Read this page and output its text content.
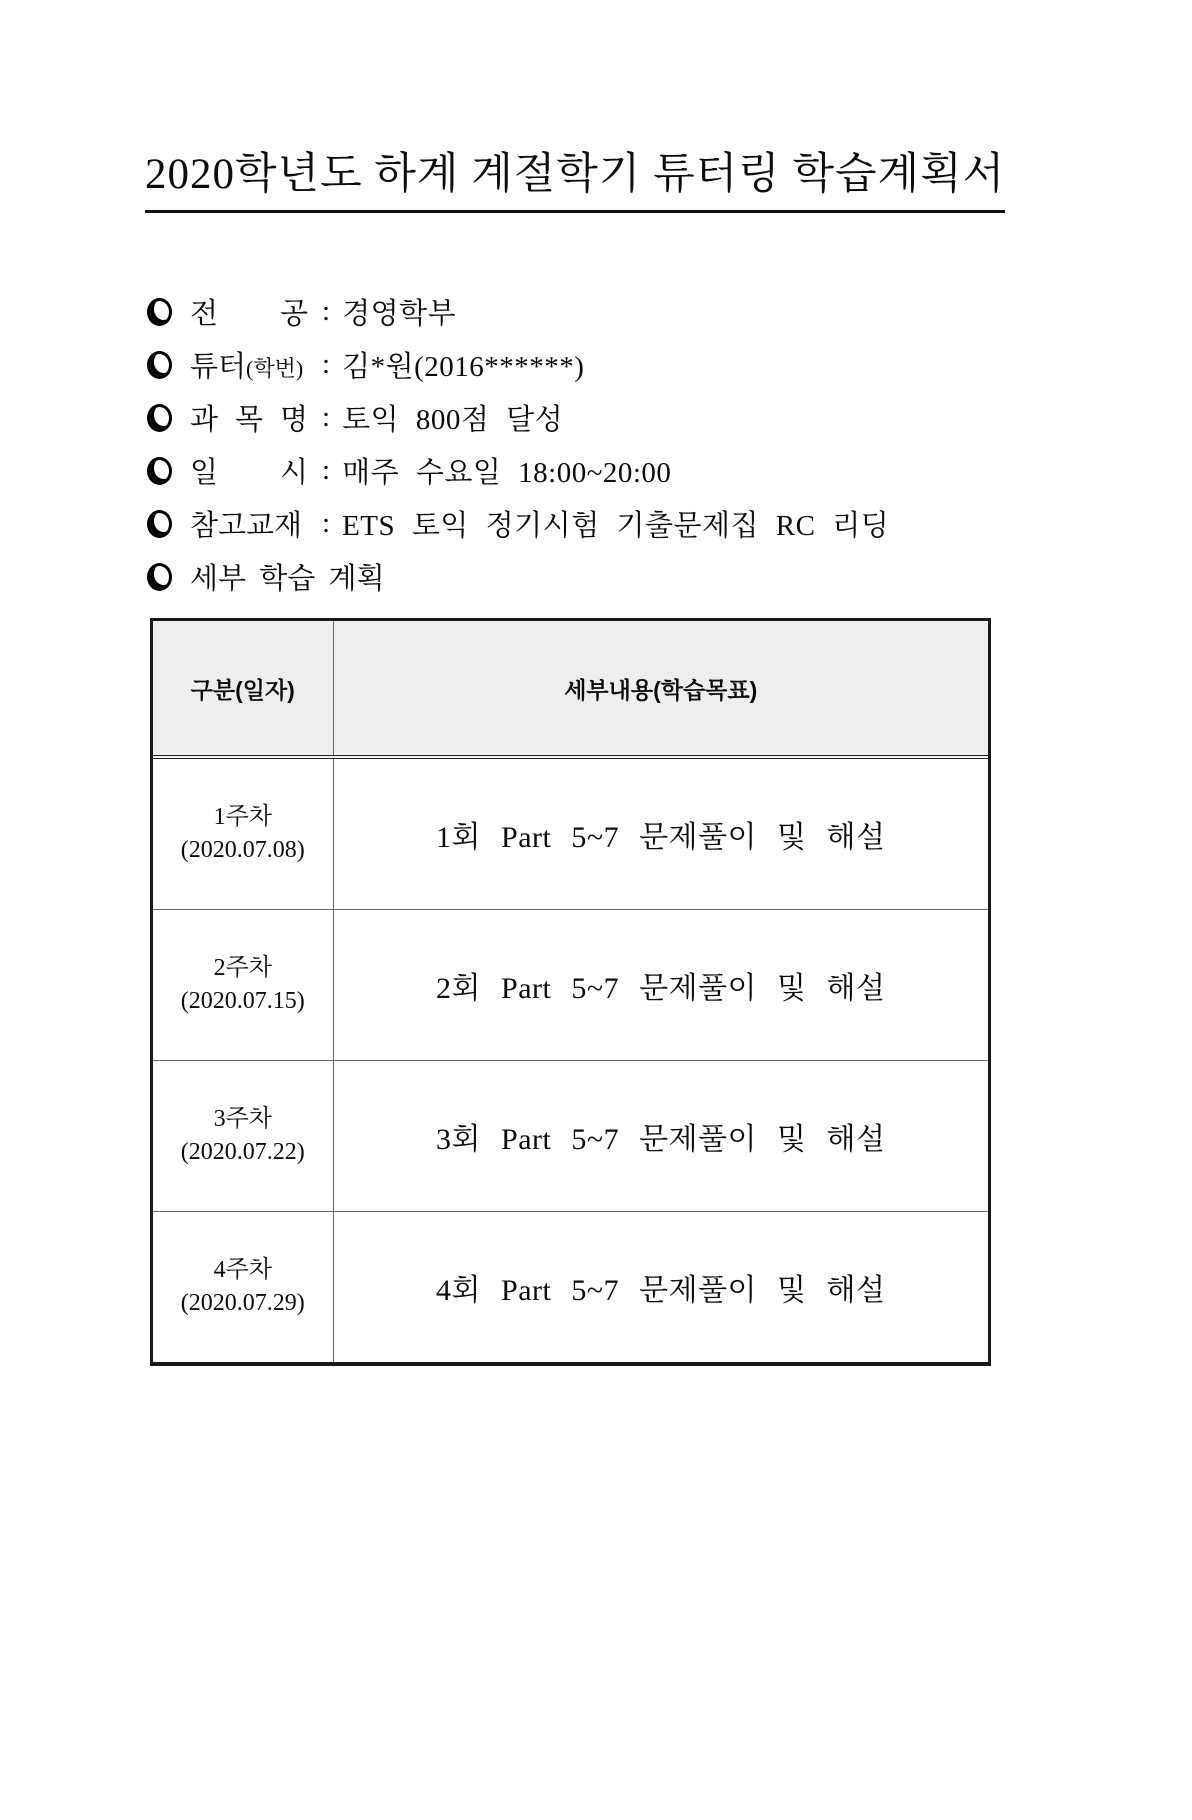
2020학년도 하계 계절학기 튜터링 학습계획서
전 공 : 경영학부
튜터(학번) : 김*원(2016******)
과 목 명 : 토익 800점 달성
일 시 : 매주 수요일 18:00~20:00
참고교재 : ETS 토익 정기시험 기출문제집 RC 리딩
세부 학습 계획
구분(일자)	세부내용(학습목표)

1주차
(2020.07.08)	1회 Part 5~7 문제풀이 및 해설

2주차
(2020.07.15)	2회 Part 5~7 문제풀이 및 해설

3주차
(2020.07.22)	3회 Part 5~7 문제풀이 및 해설

4주차
(2020.07.29)	4회 Part 5~7 문제풀이 및 해설
